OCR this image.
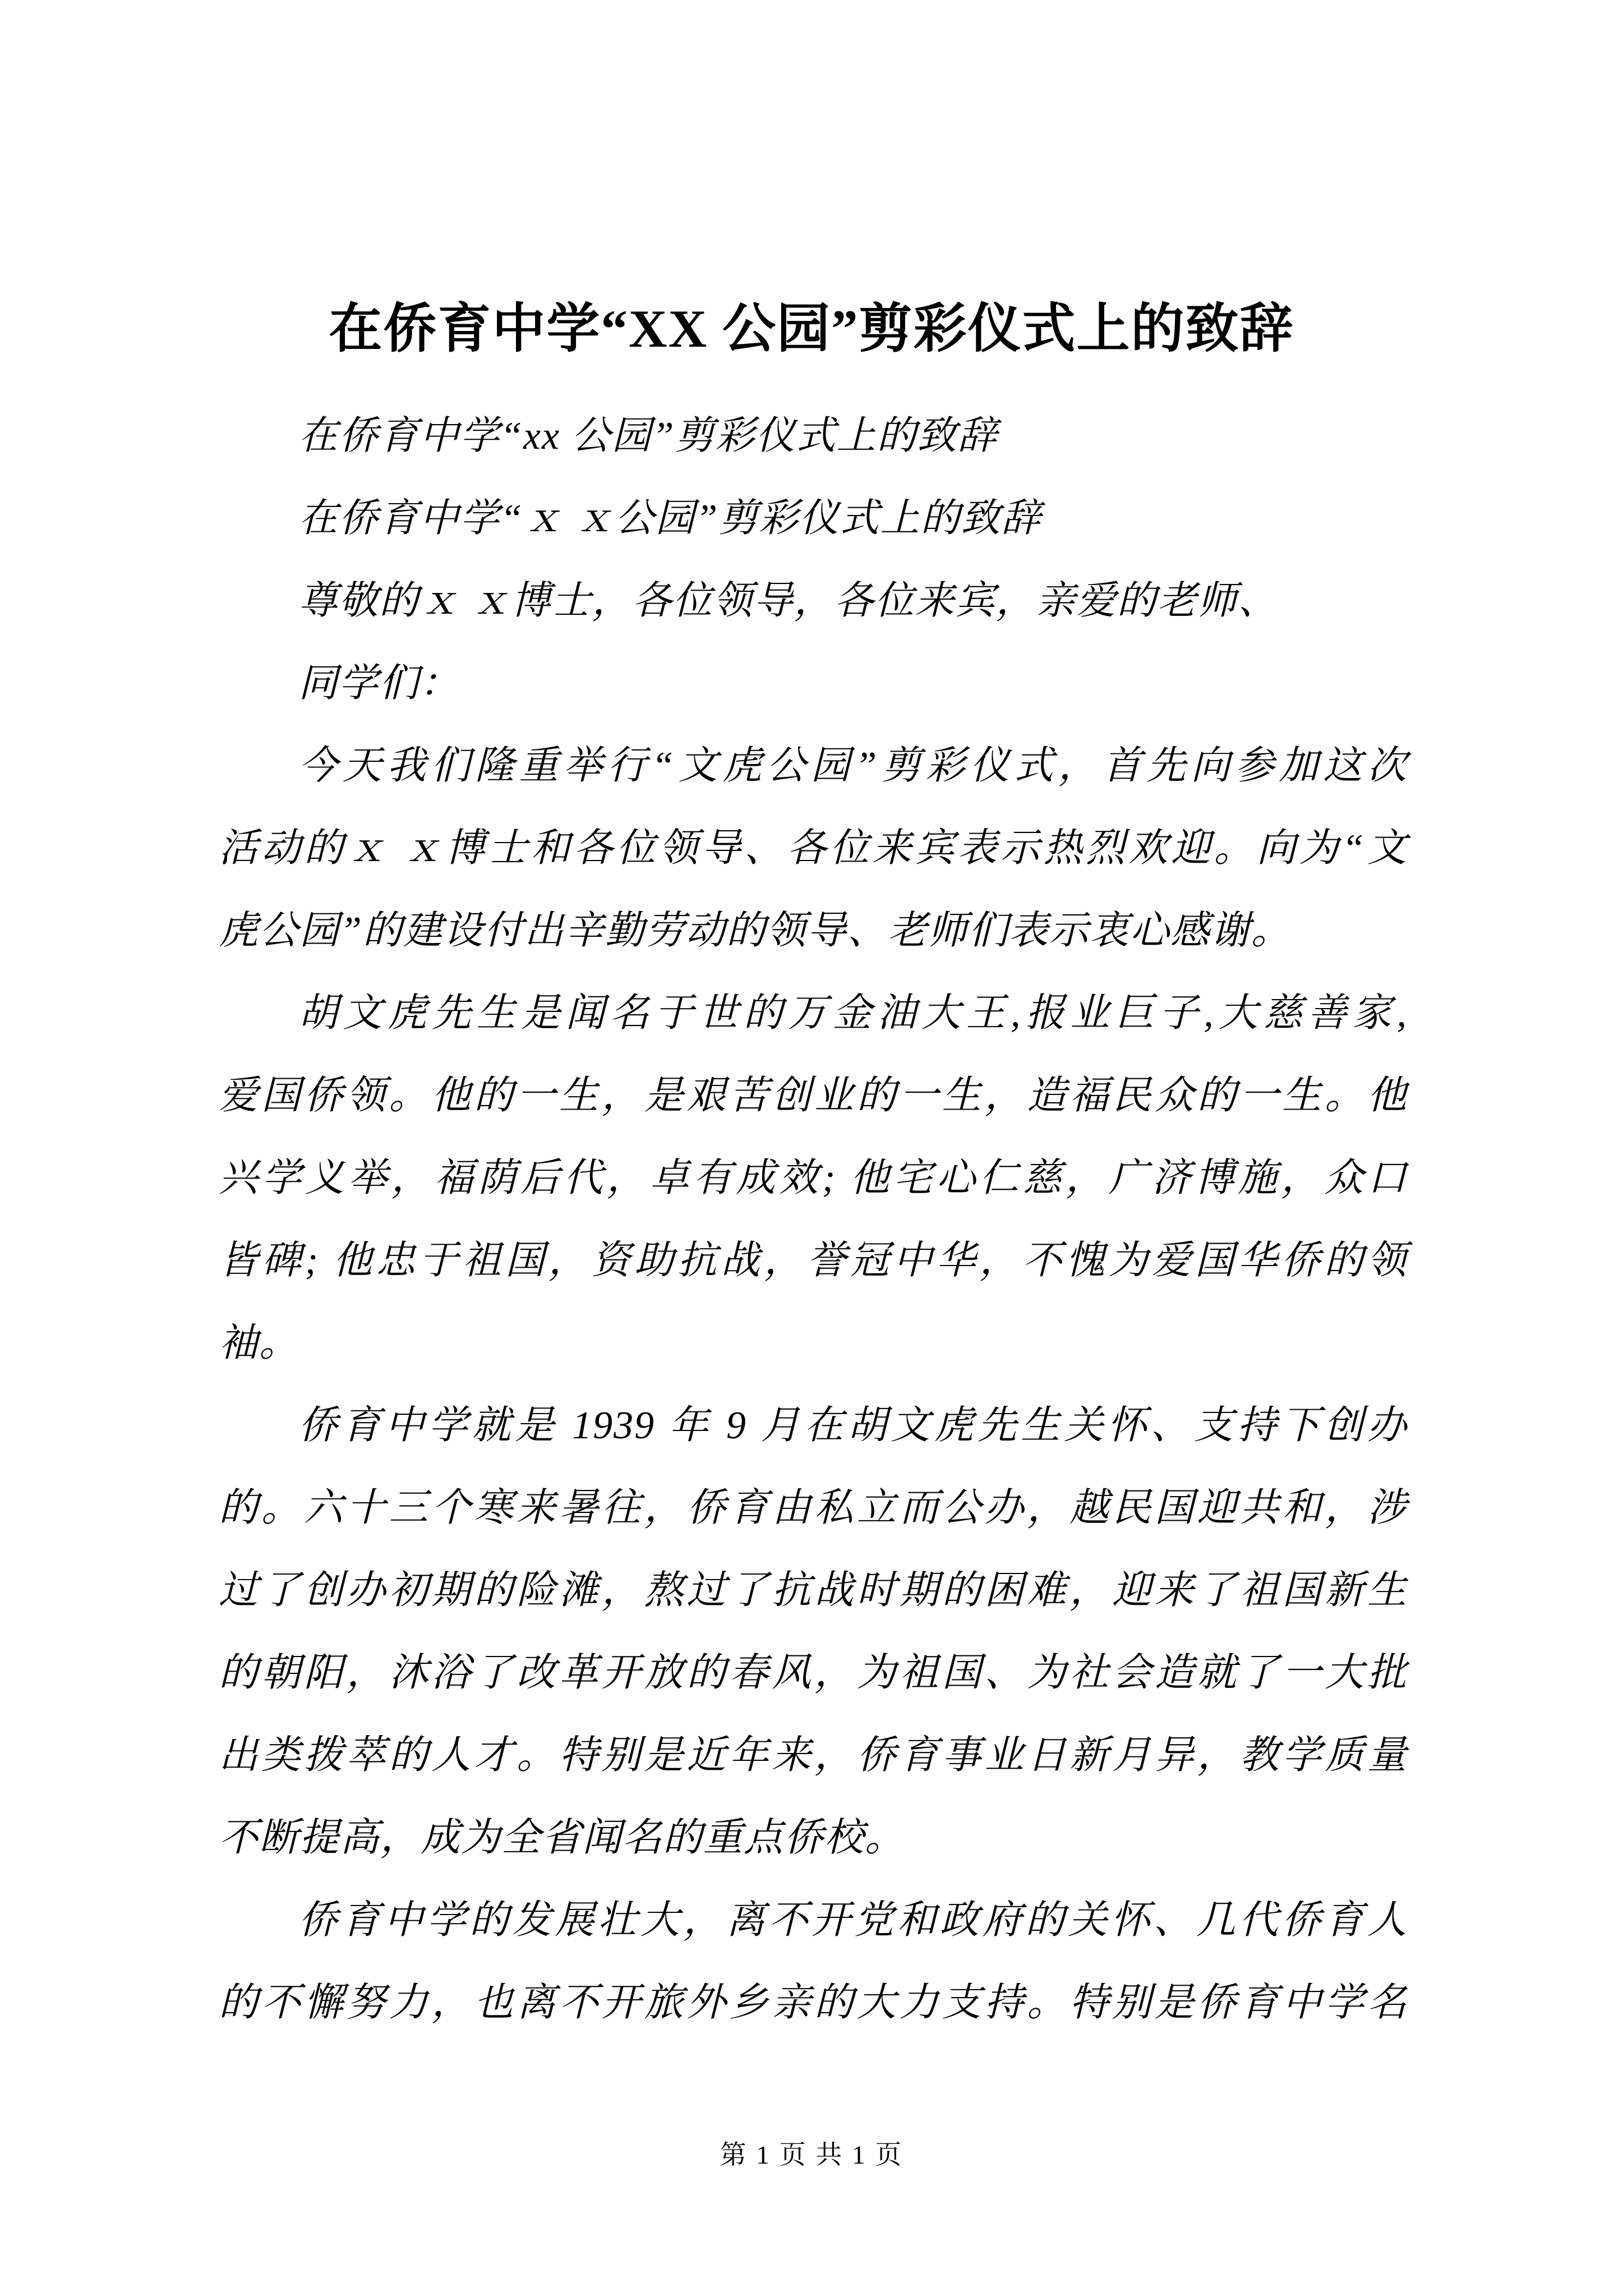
在侨育中学“XX 公园”剪彩仪式上的致辞

在侨育中学“xx 公园”剪彩仪式上的致辞

在侨育中学“ｘ ｘ公园”剪彩仪式上的致辞

尊敬的ｘ ｘ博士，各位领导，各位来宾，亲爱的老师、

同学们：

今天我们隆重举行“文虎公园”剪彩仪式，首先向参加这次

活动的ｘ ｘ博士和各位领导、各位来宾表示热烈欢迎。向为“文

虎公园”的建设付出辛勤劳动的领导、老师们表示衷心感谢。

胡文虎先生是闻名于世的万金油大王,报业巨子,大慈善家,

爱国侨领。他的一生，是艰苦创业的一生，造福民众的一生。他

兴学义举，福荫后代，卓有成效; 他宅心仁慈，广济博施，众口

皆碑; 他忠于祖国，资助抗战，誉冠中华，不愧为爱国华侨的领

袖。

侨育中学就是 1939 年 9 月在胡文虎先生关怀、支持下创办

的。六十三个寒来暑往，侨育由私立而公办，越民国迎共和，涉

过了创办初期的险滩，熬过了抗战时期的困难，迎来了祖国新生

的朝阳，沐浴了改革开放的春风，为祖国、为社会造就了一大批

出类拨萃的人才。特别是近年来，侨育事业日新月异，教学质量

不断提高，成为全省闻名的重点侨校。

侨育中学的发展壮大，离不开党和政府的关怀、几代侨育人

的不懈努力，也离不开旅外乡亲的大力支持。特别是侨育中学名

第 1 页 共 1 页
